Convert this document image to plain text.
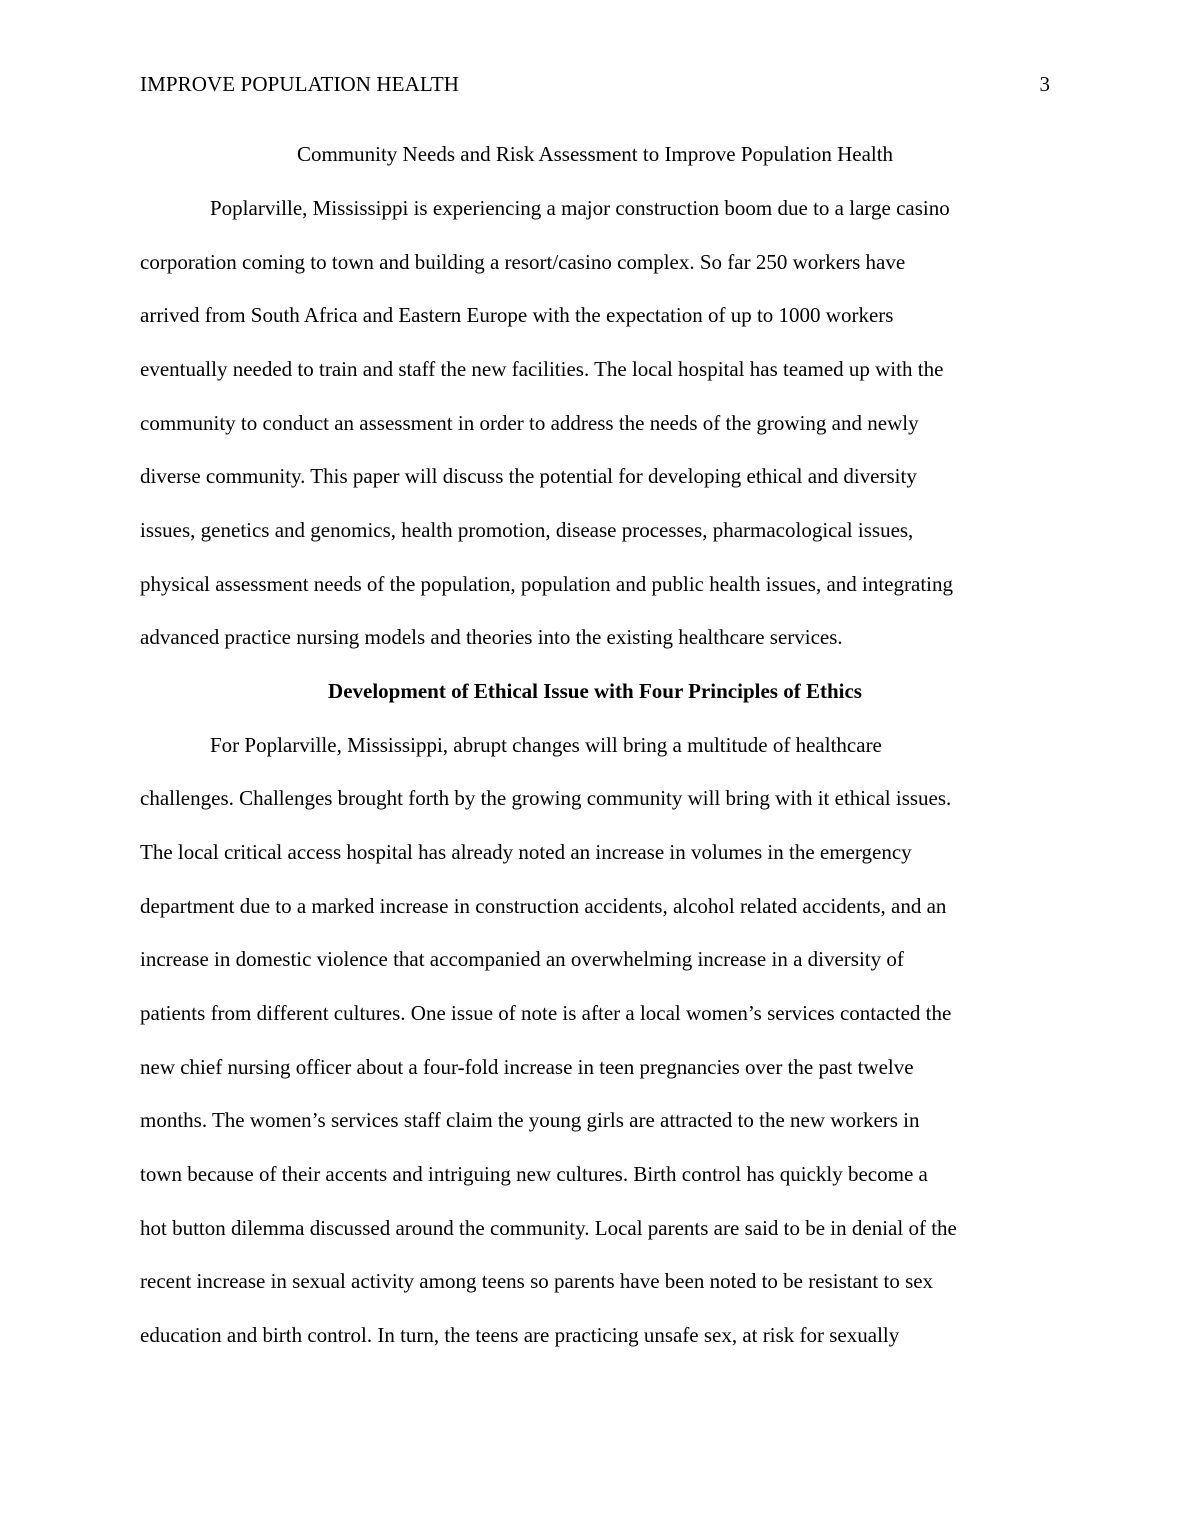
IMPROVE POPULATION HEALTH	3
Community Needs and Risk Assessment to Improve Population Health
Poplarville, Mississippi is experiencing a major construction boom due to a large casino
corporation coming to town and building a resort/casino complex. So far 250 workers have
arrived from South Africa and Eastern Europe with the expectation of up to 1000 workers
eventually needed to train and staff the new facilities. The local hospital has teamed up with the
community to conduct an assessment in order to address the needs of the growing and newly
diverse community. This paper will discuss the potential for developing ethical and diversity
issues, genetics and genomics, health promotion, disease processes, pharmacological issues,
physical assessment needs of the population, population and public health issues, and integrating
advanced practice nursing models and theories into the existing healthcare services.
Development of Ethical Issue with Four Principles of Ethics
For Poplarville, Mississippi, abrupt changes will bring a multitude of healthcare
challenges. Challenges brought forth by the growing community will bring with it ethical issues.
The local critical access hospital has already noted an increase in volumes in the emergency
department due to a marked increase in construction accidents, alcohol related accidents, and an
increase in domestic violence that accompanied an overwhelming increase in a diversity of
patients from different cultures. One issue of note is after a local women’s services contacted the
new chief nursing officer about a four-fold increase in teen pregnancies over the past twelve
months. The women’s services staff claim the young girls are attracted to the new workers in
town because of their accents and intriguing new cultures. Birth control has quickly become a
hot button dilemma discussed around the community. Local parents are said to be in denial of the
recent increase in sexual activity among teens so parents have been noted to be resistant to sex
education and birth control. In turn, the teens are practicing unsafe sex, at risk for sexually
